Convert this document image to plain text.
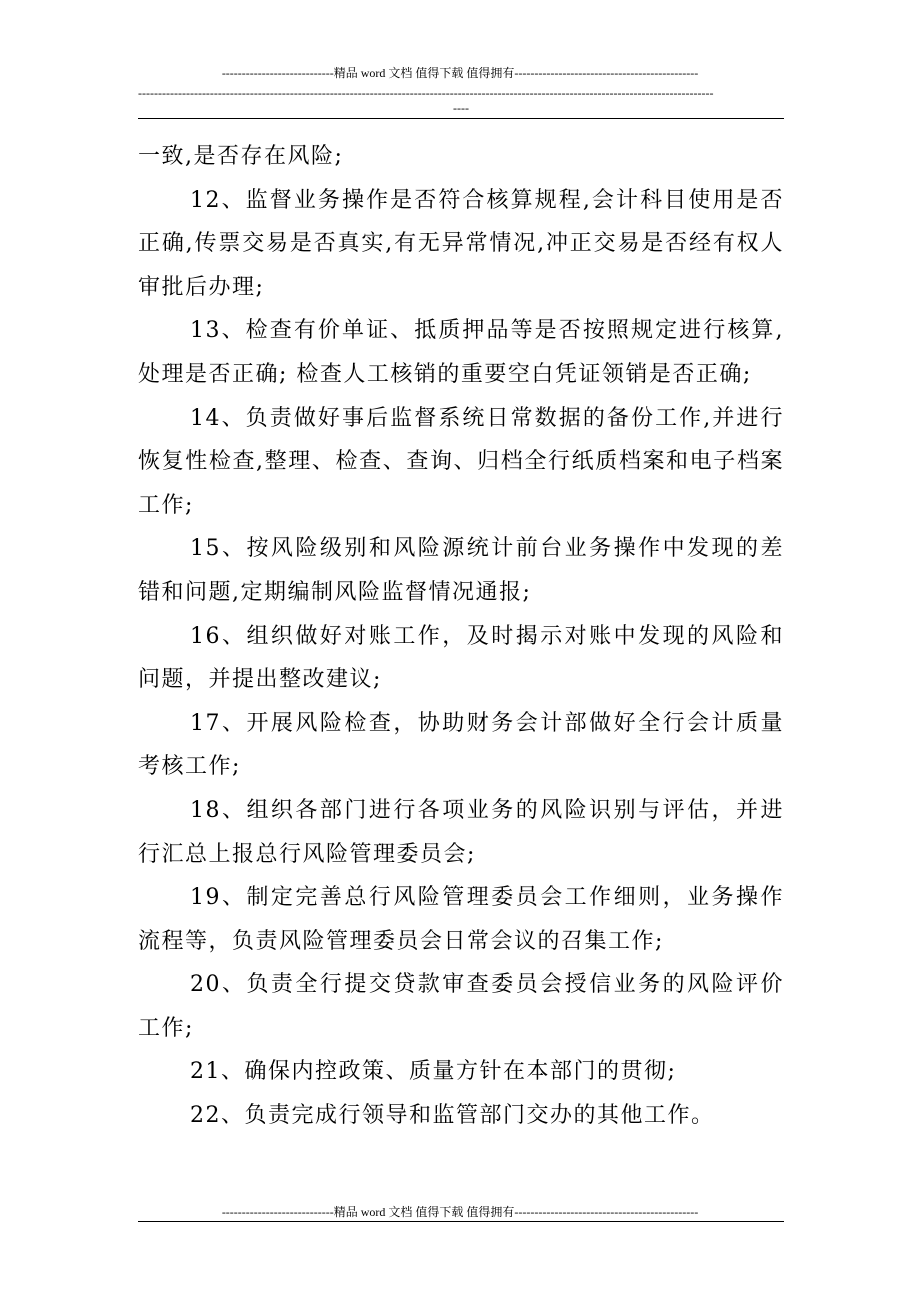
----------------------------精品 word 文档 值得下载 值得拥有----------------------------------------------
------------------------------------------------------------------------------------------------------------------------------------------------
----

一致,是否存在风险;

12、监督业务操作是否符合核算规程,会计科目使用是否正确,传票交易是否真实,有无异常情况,冲正交易是否经有权人审批后办理;

13、检查有价单证、抵质押品等是否按照规定进行核算,处理是否正确; 检查人工核销的重要空白凭证领销是否正确;

14、负责做好事后监督系统日常数据的备份工作,并进行恢复性检查,整理、检查、查询、归档全行纸质档案和电子档案工作;

15、按风险级别和风险源统计前台业务操作中发现的差错和问题,定期编制风险监督情况通报;

16、组织做好对账工作，及时揭示对账中发现的风险和问题，并提出整改建议;

17、开展风险检查，协助财务会计部做好全行会计质量考核工作;

18、组织各部门进行各项业务的风险识别与评估，并进行汇总上报总行风险管理委员会;

19、制定完善总行风险管理委员会工作细则，业务操作流程等，负责风险管理委员会日常会议的召集工作;

20、负责全行提交贷款审查委员会授信业务的风险评价工作;

21、确保内控政策、质量方针在本部门的贯彻;

22、负责完成行领导和监管部门交办的其他工作。

----------------------------精品 word 文档 值得下载 值得拥有----------------------------------------------
